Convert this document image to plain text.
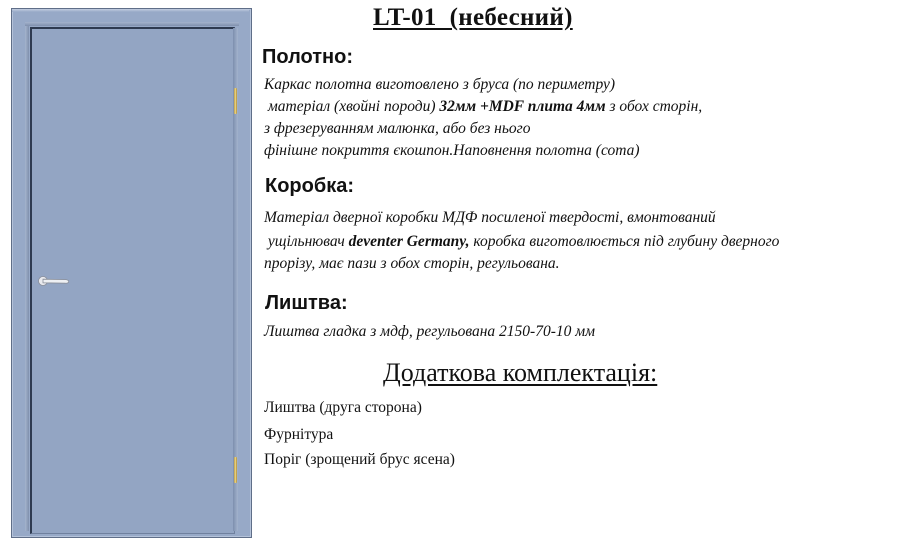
LT-01  (небесний)
Полотно:
Каркас полотна виготовлено з бруса (по периметру)
матеріал (хвойні породи) 32мм +MDF плита 4мм з обох сторін,
з фрезеруванням малюнка, або без нього
фінішне покриття єкошпон.Наповнення полотна (сота)
Коробка:
Матеріал дверної коробки МДФ посиленої твердості, вмонтований
ущільнювач deventer Germany, коробка виготовлюється під глубину дверного
прорізу, має пази з обох сторін, регульована.
Лиштва:
Лиштва гладка з мдф, регульована 2150-70-10 мм
Додаткова комплектація:
Лиштва (друга сторона)
Фурнітура
Поріг (зрощений брус ясена)
